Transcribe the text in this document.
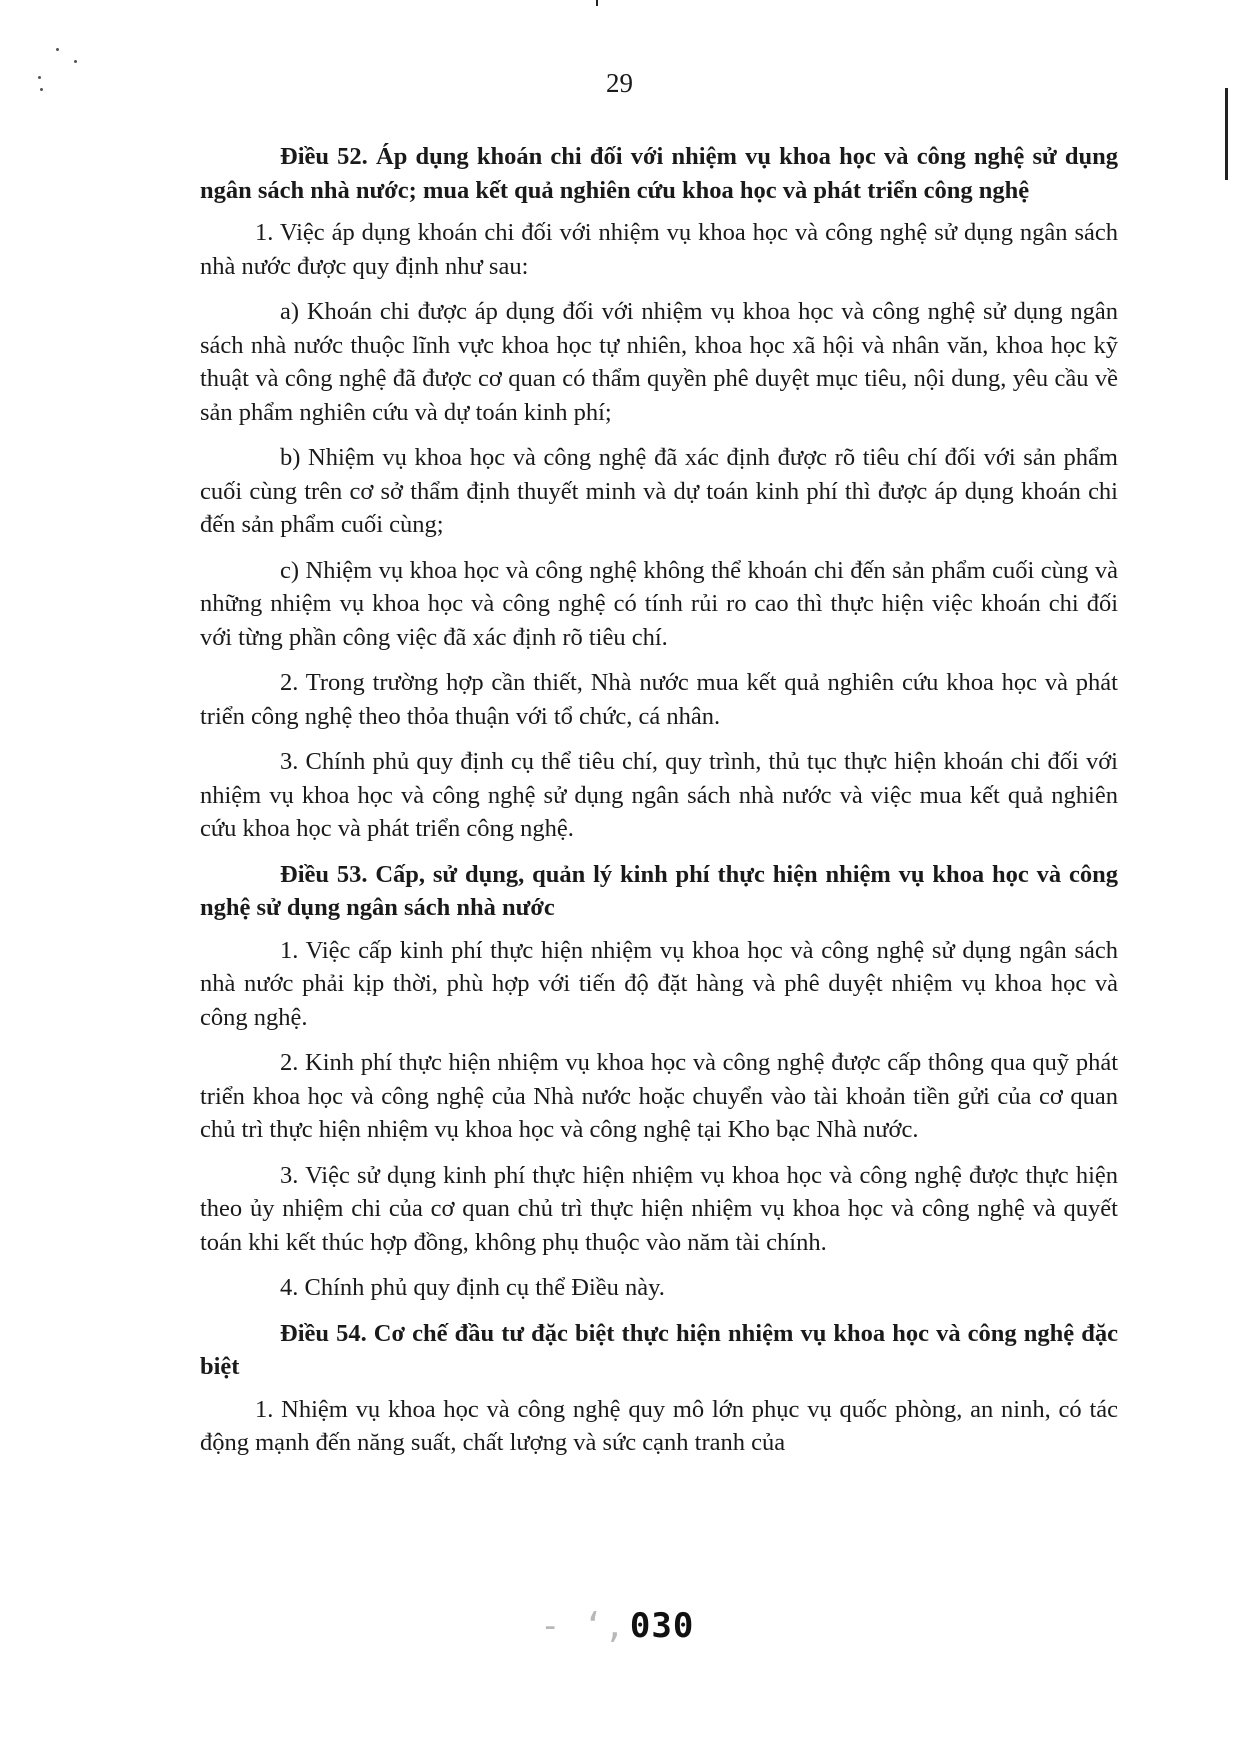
29
Điều 52. Áp dụng khoán chi đối với nhiệm vụ khoa học và công nghệ sử dụng ngân sách nhà nước; mua kết quả nghiên cứu khoa học và phát triển công nghệ
1. Việc áp dụng khoán chi đối với nhiệm vụ khoa học và công nghệ sử dụng ngân sách nhà nước được quy định như sau:
a) Khoán chi được áp dụng đối với nhiệm vụ khoa học và công nghệ sử dụng ngân sách nhà nước thuộc lĩnh vực khoa học tự nhiên, khoa học xã hội và nhân văn, khoa học kỹ thuật và công nghệ đã được cơ quan có thẩm quyền phê duyệt mục tiêu, nội dung, yêu cầu về sản phẩm nghiên cứu và dự toán kinh phí;
b) Nhiệm vụ khoa học và công nghệ đã xác định được rõ tiêu chí đối với sản phẩm cuối cùng trên cơ sở thẩm định thuyết minh và dự toán kinh phí thì được áp dụng khoán chi đến sản phẩm cuối cùng;
c) Nhiệm vụ khoa học và công nghệ không thể khoán chi đến sản phẩm cuối cùng và những nhiệm vụ khoa học và công nghệ có tính rủi ro cao thì thực hiện việc khoán chi đối với từng phần công việc đã xác định rõ tiêu chí.
2. Trong trường hợp cần thiết, Nhà nước mua kết quả nghiên cứu khoa học và phát triển công nghệ theo thỏa thuận với tổ chức, cá nhân.
3. Chính phủ quy định cụ thể tiêu chí, quy trình, thủ tục thực hiện khoán chi đối với nhiệm vụ khoa học và công nghệ sử dụng ngân sách nhà nước và việc mua kết quả nghiên cứu khoa học và phát triển công nghệ.
Điều 53. Cấp, sử dụng, quản lý kinh phí thực hiện nhiệm vụ khoa học và công nghệ sử dụng ngân sách nhà nước
1. Việc cấp kinh phí thực hiện nhiệm vụ khoa học và công nghệ sử dụng ngân sách nhà nước phải kịp thời, phù hợp với tiến độ đặt hàng và phê duyệt nhiệm vụ khoa học và công nghệ.
2. Kinh phí thực hiện nhiệm vụ khoa học và công nghệ được cấp thông qua quỹ phát triển khoa học và công nghệ của Nhà nước hoặc chuyển vào tài khoản tiền gửi của cơ quan chủ trì thực hiện nhiệm vụ khoa học và công nghệ tại Kho bạc Nhà nước.
3. Việc sử dụng kinh phí thực hiện nhiệm vụ khoa học và công nghệ được thực hiện theo ủy nhiệm chi của cơ quan chủ trì thực hiện nhiệm vụ khoa học và công nghệ và quyết toán khi kết thúc hợp đồng, không phụ thuộc vào năm tài chính.
4. Chính phủ quy định cụ thể Điều này.
Điều 54. Cơ chế đầu tư đặc biệt thực hiện nhiệm vụ khoa học và công nghệ đặc biệt
1. Nhiệm vụ khoa học và công nghệ quy mô lớn phục vụ quốc phòng, an ninh, có tác động mạnh đến năng suất, chất lượng và sức cạnh tranh của
- ‘‚ 030
